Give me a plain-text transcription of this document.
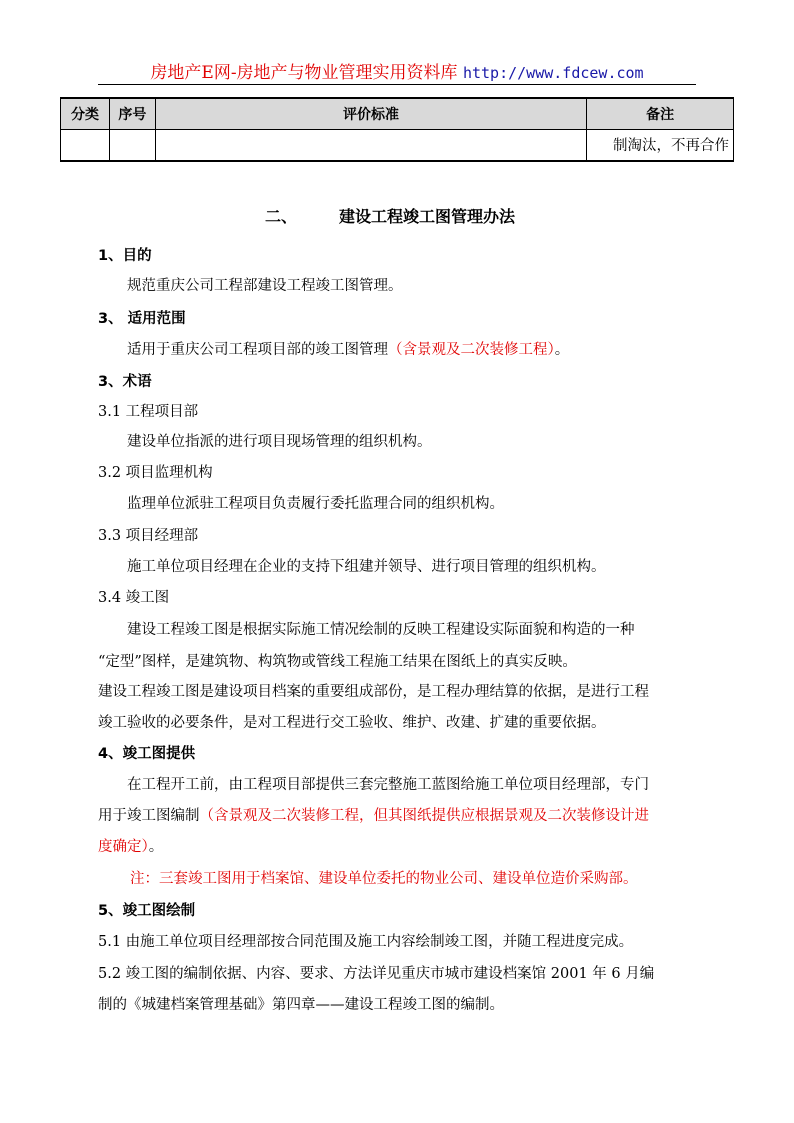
房地产E网-房地产与物业管理实用资料库 http://www.fdcew.com
分类	序号	评价标准	备注
			制淘汰，不再合作
二、	建设工程竣工图管理办法
1、目的
规范重庆公司工程部建设工程竣工图管理。
3、 适用范围
适用于重庆公司工程项目部的竣工图管理（含景观及二次装修工程）。
3、术语
3.1 工程项目部
建设单位指派的进行项目现场管理的组织机构。
3.2 项目监理机构
监理单位派驻工程项目负责履行委托监理合同的组织机构。
3.3 项目经理部
施工单位项目经理在企业的支持下组建并领导、进行项目管理的组织机构。
3.4 竣工图
建设工程竣工图是根据实际施工情况绘制的反映工程建设实际面貌和构造的一种
“定型”图样，是建筑物、构筑物或管线工程施工结果在图纸上的真实反映。
建设工程竣工图是建设项目档案的重要组成部份，是工程办理结算的依据，是进行工程
竣工验收的必要条件，是对工程进行交工验收、维护、改建、扩建的重要依据。
4、竣工图提供
在工程开工前，由工程项目部提供三套完整施工蓝图给施工单位项目经理部，专门
用于竣工图编制（含景观及二次装修工程，但其图纸提供应根据景观及二次装修设计进
度确定）。
注：三套竣工图用于档案馆、建设单位委托的物业公司、建设单位造价采购部。
5、竣工图绘制
5.1 由施工单位项目经理部按合同范围及施工内容绘制竣工图，并随工程进度完成。
5.2 竣工图的编制依据、内容、要求、方法详见重庆市城市建设档案馆 2001 年 6 月编
制的《城建档案管理基础》第四章——建设工程竣工图的编制。
